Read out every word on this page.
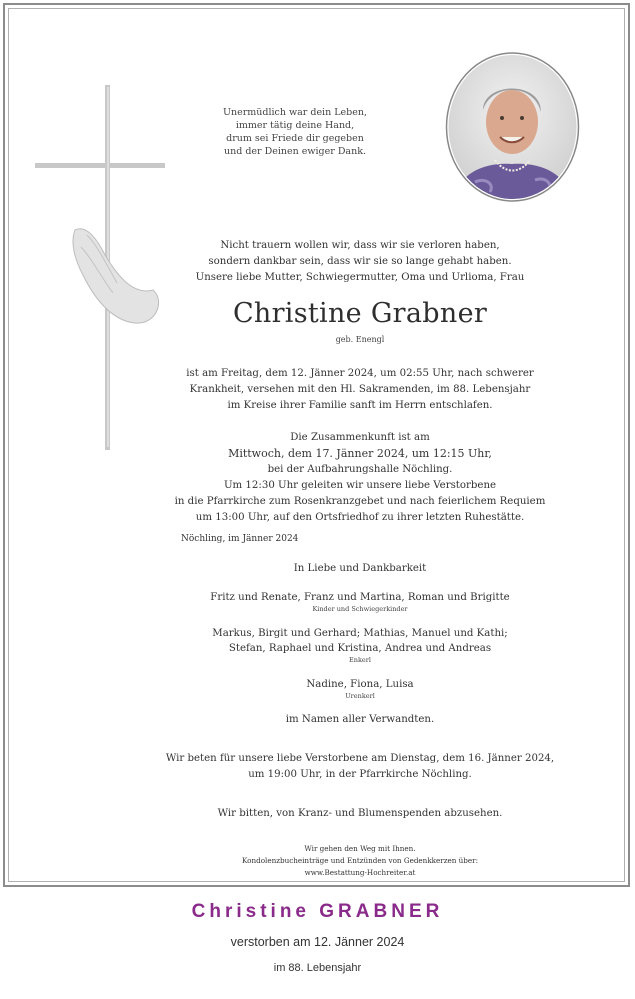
Unermüdlich war dein Leben,
immer tätig deine Hand,
drum sei Friede dir gegeben
und der Deinen ewiger Dank.
Nicht trauern wollen wir, dass wir sie verloren haben,
sondern dankbar sein, dass wir sie so lange gehabt haben.
Unsere liebe Mutter, Schwiegermutter, Oma und Urlioma, Frau
Christine Grabner
geb. Enengl
ist am Freitag, dem 12. Jänner 2024, um 02:55 Uhr, nach schwerer
Krankheit, versehen mit den Hl. Sakramenden, im 88. Lebensjahr
im Kreise ihrer Familie sanft im Herrn entschlafen.
Die Zusammenkunft ist am
Mittwoch, dem 17. Jänner 2024, um 12:15 Uhr,
bei der Aufbahrungshalle Nöchling.
Um 12:30 Uhr geleiten wir unsere liebe Verstorbene
in die Pfarrkirche zum Rosenkranzgebet und nach feierlichem Requiem
um 13:00 Uhr, auf den Ortsfriedhof zu ihrer letzten Ruhestätte.
Nöchling, im Jänner 2024
In Liebe und Dankbarkeit
Fritz und Renate, Franz und Martina, Roman und Brigitte
Kinder und Schwiegerkinder
Markus, Birgit und Gerhard; Mathias, Manuel und Kathi;
Stefan, Raphael und Kristina, Andrea und Andreas
Enkerl
Nadine, Fiona, Luisa
Urenkerl
im Namen aller Verwandten.
Wir beten für unsere liebe Verstorbene am Dienstag, dem 16. Jänner 2024,
um 19:00 Uhr, in der Pfarrkirche Nöchling.
Wir bitten, von Kranz- und Blumenspenden abzusehen.
Wir gehen den Weg mit Ihnen.
Kondolenzbucheinträge und Entzünden von Gedenkkerzen über:
www.Bestattung-Hochreiter.at
Christine GRABNER
verstorben am 12. Jänner 2024
im 88. Lebensjahr
